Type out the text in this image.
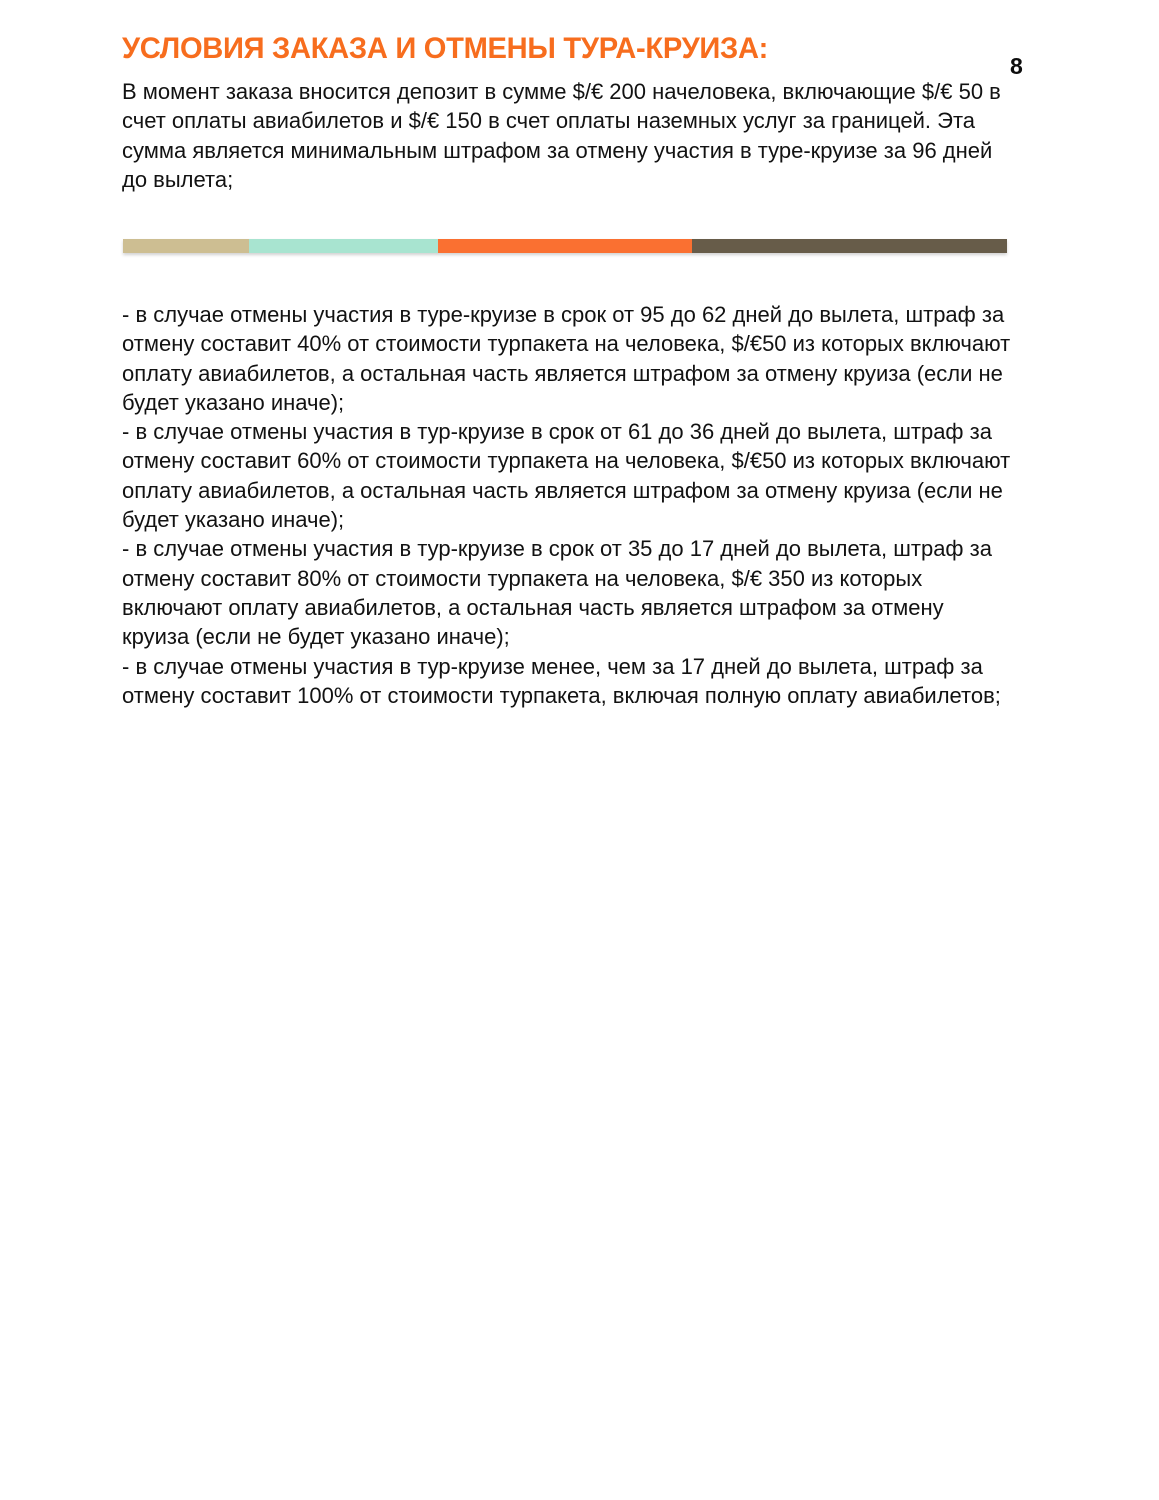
8
УСЛОВИЯ ЗАКАЗА И ОТМЕНЫ ТУРА-КРУИЗА:

В момент заказа вносится депозит в сумме $/€ 200 начеловека, включающие $/€ 50 в счет оплаты авиабилетов и $/€ 150 в счет оплаты наземных услуг за границей. Эта сумма является минимальным штрафом за отмену участия в туре-круизе за 96 дней до вылета;

- в случае отмены участия в туре-круизе в срок от 95 до 62 дней до вылета, штраф за отмену составит 40% от стоимости турпакета на человека, $/€50 из которых включают оплату авиабилетов, а остальная часть является штрафом за отмену круиза (если не будет указано иначе);

- в случае отмены участия в тур-круизе в срок от 61 до 36 дней до вылета, штраф за отмену составит 60% от стоимости турпакета на человека, $/€50 из которых включают оплату авиабилетов, а остальная часть является штрафом за отмену круиза (если не будет указано иначе);

- в случае отмены участия в тур-круизе в срок от 35 до 17 дней до вылета, штраф за отмену составит 80% от стоимости турпакета на человека, $/€ 350 из которых включают оплату авиабилетов, а остальная часть является штрафом за отмену круиза (если не будет указано иначе);

- в случае отмены участия в тур-круизе менее, чем за 17 дней до вылета, штраф за отмену составит 100% от стоимости турпакета, включая полную оплату авиабилетов;
